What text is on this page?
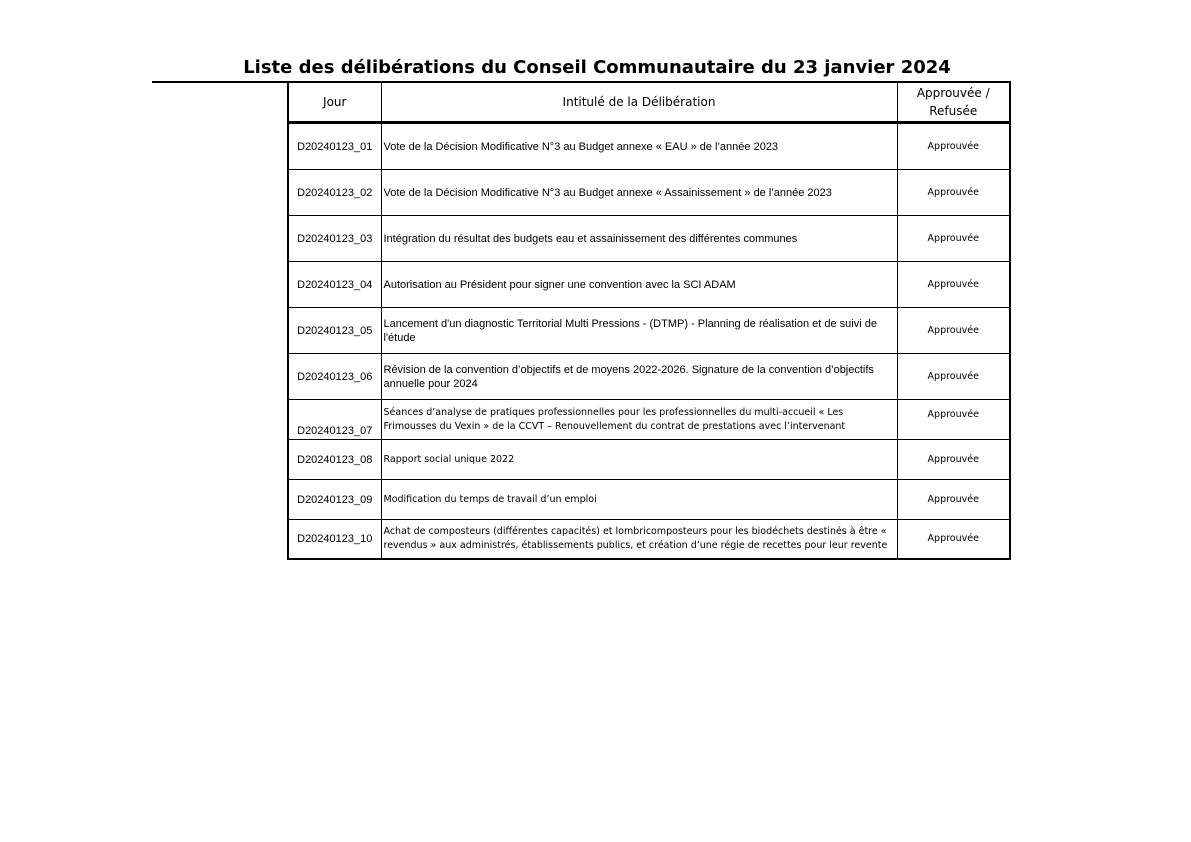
Liste des délibérations du Conseil Communautaire du 23 janvier 2024
Jour	Intitulé de la Délibération	Approuvée /
Refusée

D20240123_01	Vote de la Décision Modificative N°3 au Budget annexe « EAU » de l’année 2023	Approuvée
D20240123_02	Vote de la Décision Modificative N°3 au Budget annexe « Assainissement » de l’année 2023	Approuvée
D20240123_03	Intégration du résultat des budgets eau et assainissement des différentes communes	Approuvée
D20240123_04	Autorisation au Président pour signer une convention avec la SCI ADAM	Approuvée
D20240123_05	Lancement d'un diagnostic Territorial Multi Pressions - (DTMP) - Planning de réalisation et de suivi de l'étude	Approuvée
D20240123_06	Révision de la convention d’objectifs et de moyens 2022-2026. Signature de la convention d’objectifs annuelle pour 2024	Approuvée
D20240123_07	Séances d’analyse de pratiques professionnelles pour les professionnelles du multi-accueil « Les Frimousses du Vexin » de la CCVT – Renouvellement du contrat de prestations avec l’intervenant	Approuvée
D20240123_08	Rapport social unique 2022	Approuvée
D20240123_09	Modification du temps de travail d’un emploi	Approuvée
D20240123_10	Achat de composteurs (différentes capacités) et lombricomposteurs pour les biodéchets destinés à être « revendus » aux administrés, établissements publics, et création d’une régie de recettes pour leur revente	Approuvée
